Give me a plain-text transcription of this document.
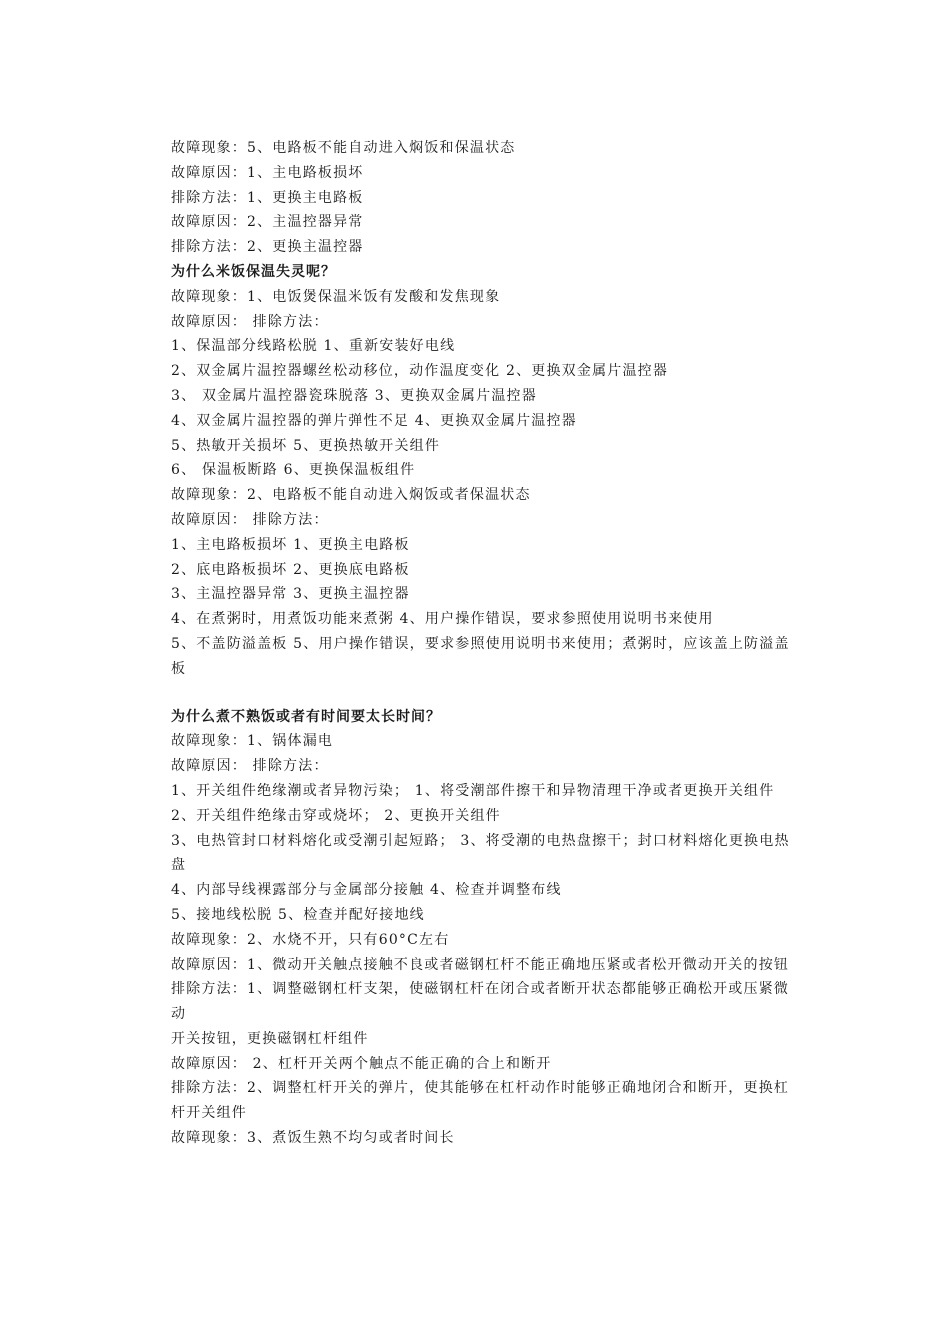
故障现象：5、电路板不能自动进入焖饭和保温状态
故障原因：1、主电路板损坏
排除方法：1、更换主电路板
故障原因：2、主温控器异常
排除方法：2、更换主温控器
为什么米饭保温失灵呢？
故障现象：1、电饭煲保温米饭有发酸和发焦现象
故障原因： 排除方法：
1、保温部分线路松脱 1、重新安装好电线
2、双金属片温控器螺丝松动移位，动作温度变化 2、更换双金属片温控器
3、 双金属片温控器瓷珠脱落 3、更换双金属片温控器
4、双金属片温控器的弹片弹性不足 4、更换双金属片温控器
5、热敏开关损坏 5、更换热敏开关组件
6、 保温板断路 6、更换保温板组件
故障现象：2、电路板不能自动进入焖饭或者保温状态
故障原因： 排除方法：
1、主电路板损坏 1、更换主电路板
2、底电路板损坏 2、更换底电路板
3、主温控器异常 3、更换主温控器
4、在煮粥时，用煮饭功能来煮粥 4、用户操作错误，要求参照使用说明书来使用
5、不盖防溢盖板 5、用户操作错误，要求参照使用说明书来使用；煮粥时，应该盖上防溢盖板
为什么煮不熟饭或者有时间要太长时间？
故障现象：1、锅体漏电
故障原因： 排除方法：
1、开关组件绝缘潮或者异物污染； 1、将受潮部件擦干和异物清理干净或者更换开关组件
2、开关组件绝缘击穿或烧坏； 2、更换开关组件
3、电热管封口材料熔化或受潮引起短路； 3、将受潮的电热盘擦干；封口材料熔化更换电热盘
4、内部导线裸露部分与金属部分接触 4、检查并调整布线
5、接地线松脱 5、检查并配好接地线
故障现象：2、水烧不开，只有60°C左右
故障原因：1、微动开关触点接触不良或者磁钢杠杆不能正确地压紧或者松开微动开关的按钮
排除方法：1、调整磁钢杠杆支架，使磁钢杠杆在闭合或者断开状态都能够正确松开或压紧微动
开关按钮，更换磁钢杠杆组件
故障原因： 2、杠杆开关两个触点不能正确的合上和断开
排除方法：2、调整杠杆开关的弹片，使其能够在杠杆动作时能够正确地闭合和断开，更换杠杆开关组件
故障现象：3、煮饭生熟不均匀或者时间长
